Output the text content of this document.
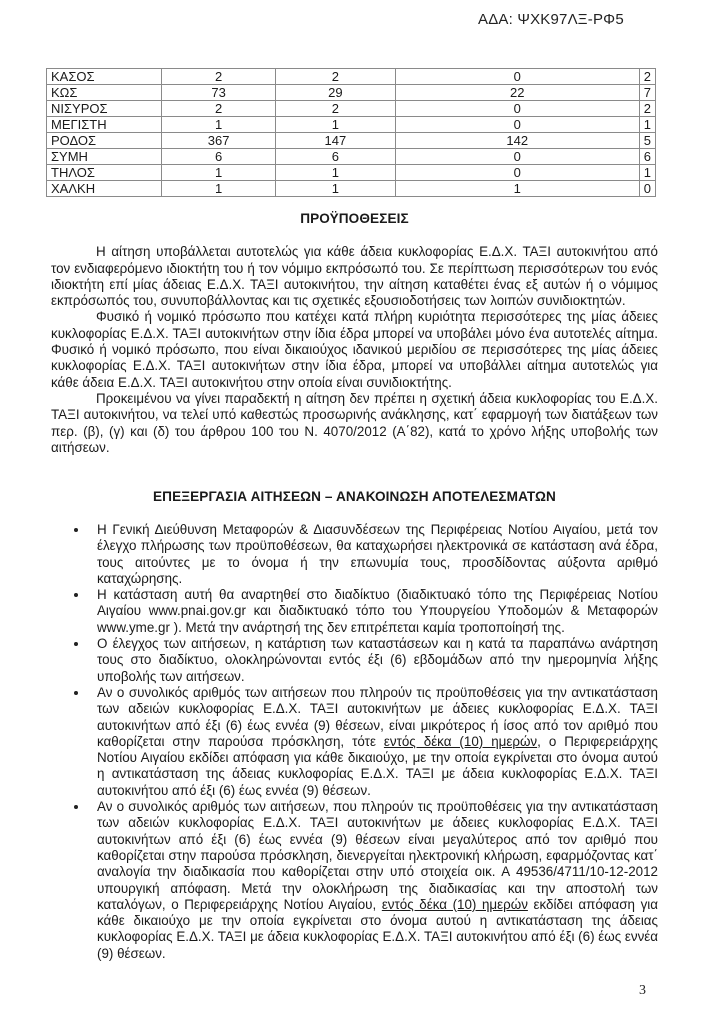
ΑΔΑ: ΨΧΚ97ΛΞ-ΡΦ5
ΚΑΣΟΣ	2	2	0	2
ΚΩΣ	73	29	22	7
ΝΙΣΥΡΟΣ	2	2	0	2
ΜΕΓΙΣΤΗ	1	1	0	1
ΡΟΔΟΣ	367	147	142	5
ΣΥΜΗ	6	6	0	6
ΤΗΛΟΣ	1	1	0	1
ΧΑΛΚΗ	1	1	1	0
ΠΡΟΫΠΟΘΕΣΕΙΣ

Η αίτηση υποβάλλεται αυτοτελώς για κάθε άδεια κυκλοφορίας Ε.Δ.Χ. ΤΑΞΙ αυτοκινήτου από τον ενδιαφερόμενο ιδιοκτήτη του ή τον νόμιμο εκπρόσωπό του. Σε περίπτωση περισσότερων του ενός ιδιοκτήτη επί μίας άδειας Ε.Δ.Χ. ΤΑΞΙ αυτοκινήτου, την αίτηση καταθέτει ένας εξ αυτών ή ο νόμιμος εκπρόσωπός του, συνυποβάλλοντας και τις σχετικές εξουσιοδοτήσεις των λοιπών συνιδιοκτητών.

Φυσικό ή νομικό πρόσωπο που κατέχει κατά πλήρη κυριότητα περισσότερες της μίας άδειες κυκλοφορίας Ε.Δ.Χ. ΤΑΞΙ αυτοκινήτων στην ίδια έδρα μπορεί να υποβάλει μόνο ένα αυτοτελές αίτημα. Φυσικό ή νομικό πρόσωπο, που είναι δικαιούχος ιδανικού μεριδίου σε περισσότερες της μίας άδειες κυκλοφορίας Ε.Δ.Χ. ΤΑΞΙ αυτοκινήτων στην ίδια έδρα, μπορεί να υποβάλλει αίτημα αυτοτελώς για κάθε άδεια Ε.Δ.Χ. ΤΑΞΙ αυτοκινήτου στην οποία είναι συνιδιοκτήτης.

Προκειμένου να γίνει παραδεκτή η αίτηση δεν πρέπει η σχετική άδεια κυκλοφορίας του Ε.Δ.Χ. ΤΑΞΙ αυτοκινήτου, να τελεί υπό καθεστώς προσωρινής ανάκλησης, κατ΄ εφαρμογή των διατάξεων των περ. (β), (γ) και (δ) του άρθρου 100 του Ν. 4070/2012 (Α΄82), κατά το χρόνο λήξης υποβολής των αιτήσεων.

ΕΠΕΞΕΡΓΑΣΙΑ ΑΙΤΗΣΕΩΝ – ΑΝΑΚΟΙΝΩΣΗ ΑΠΟΤΕΛΕΣΜΑΤΩΝ
Η Γενική Διεύθυνση Μεταφορών & Διασυνδέσεων της Περιφέρειας Νοτίου Αιγαίου, μετά τον έλεγχο πλήρωσης των προϋποθέσεων, θα καταχωρήσει ηλεκτρονικά σε κατάσταση ανά έδρα, τους αιτούντες με το όνομα ή την επωνυμία τους, προσδίδοντας αύξοντα αριθμό καταχώρησης.
Η κατάσταση αυτή θα αναρτηθεί στο διαδίκτυο (διαδικτυακό τόπο της Περιφέρειας Νοτίου Αιγαίου www.pnai.gov.gr και διαδικτυακό τόπο του Υπουργείου Υποδομών & Μεταφορών www.yme.gr ). Μετά την ανάρτησή της δεν επιτρέπεται καμία τροποποίησή της.
Ο έλεγχος των αιτήσεων, η κατάρτιση των καταστάσεων και η κατά τα παραπάνω ανάρτηση τους στο διαδίκτυο, ολοκληρώνονται εντός έξι (6) εβδομάδων από την ημερομηνία λήξης υποβολής των αιτήσεων.
Αν ο συνολικός αριθμός των αιτήσεων που πληρούν τις προϋποθέσεις για την αντικατάσταση των αδειών κυκλοφορίας Ε.Δ.Χ. ΤΑΞΙ αυτοκινήτων με άδειες κυκλοφορίας Ε.Δ.Χ. ΤΑΞΙ αυτοκινήτων από έξι (6) έως εννέα (9) θέσεων, είναι μικρότερος ή ίσος από τον αριθμό που καθορίζεται στην παρούσα πρόσκληση, τότε εντός δέκα (10) ημερών, ο Περιφερειάρχης Νοτίου Αιγαίου εκδίδει απόφαση για κάθε δικαιούχο, με την οποία εγκρίνεται στο όνομα αυτού η αντικατάσταση της άδειας κυκλοφορίας Ε.Δ.Χ. ΤΑΞΙ με άδεια κυκλοφορίας Ε.Δ.Χ. ΤΑΞΙ αυτοκινήτου από έξι (6) έως εννέα (9) θέσεων.
Αν ο συνολικός αριθμός των αιτήσεων, που πληρούν τις προϋποθέσεις για την αντικατάσταση των αδειών κυκλοφορίας Ε.Δ.Χ. ΤΑΞΙ αυτοκινήτων με άδειες κυκλοφορίας Ε.Δ.Χ. ΤΑΞΙ αυτοκινήτων από έξι (6) έως εννέα (9) θέσεων είναι μεγαλύτερος από τον αριθμό που καθορίζεται στην παρούσα πρόσκληση, διενεργείται ηλεκτρονική κλήρωση, εφαρμόζοντας κατ΄ αναλογία την διαδικασία που καθορίζεται στην υπό στοιχεία οικ. Α 49536/4711/10-12-2012 υπουργική απόφαση. Μετά την ολοκλήρωση της διαδικασίας και την αποστολή των καταλόγων, ο Περιφερειάρχης Νοτίου Αιγαίου, εντός δέκα (10) ημερών εκδίδει απόφαση για κάθε δικαιούχο με την οποία εγκρίνεται στο όνομα αυτού η αντικατάσταση της άδειας κυκλοφορίας Ε.Δ.Χ. ΤΑΞΙ με άδεια κυκλοφορίας Ε.Δ.Χ. ΤΑΞΙ αυτοκινήτου από έξι (6) έως εννέα (9) θέσεων.
3
